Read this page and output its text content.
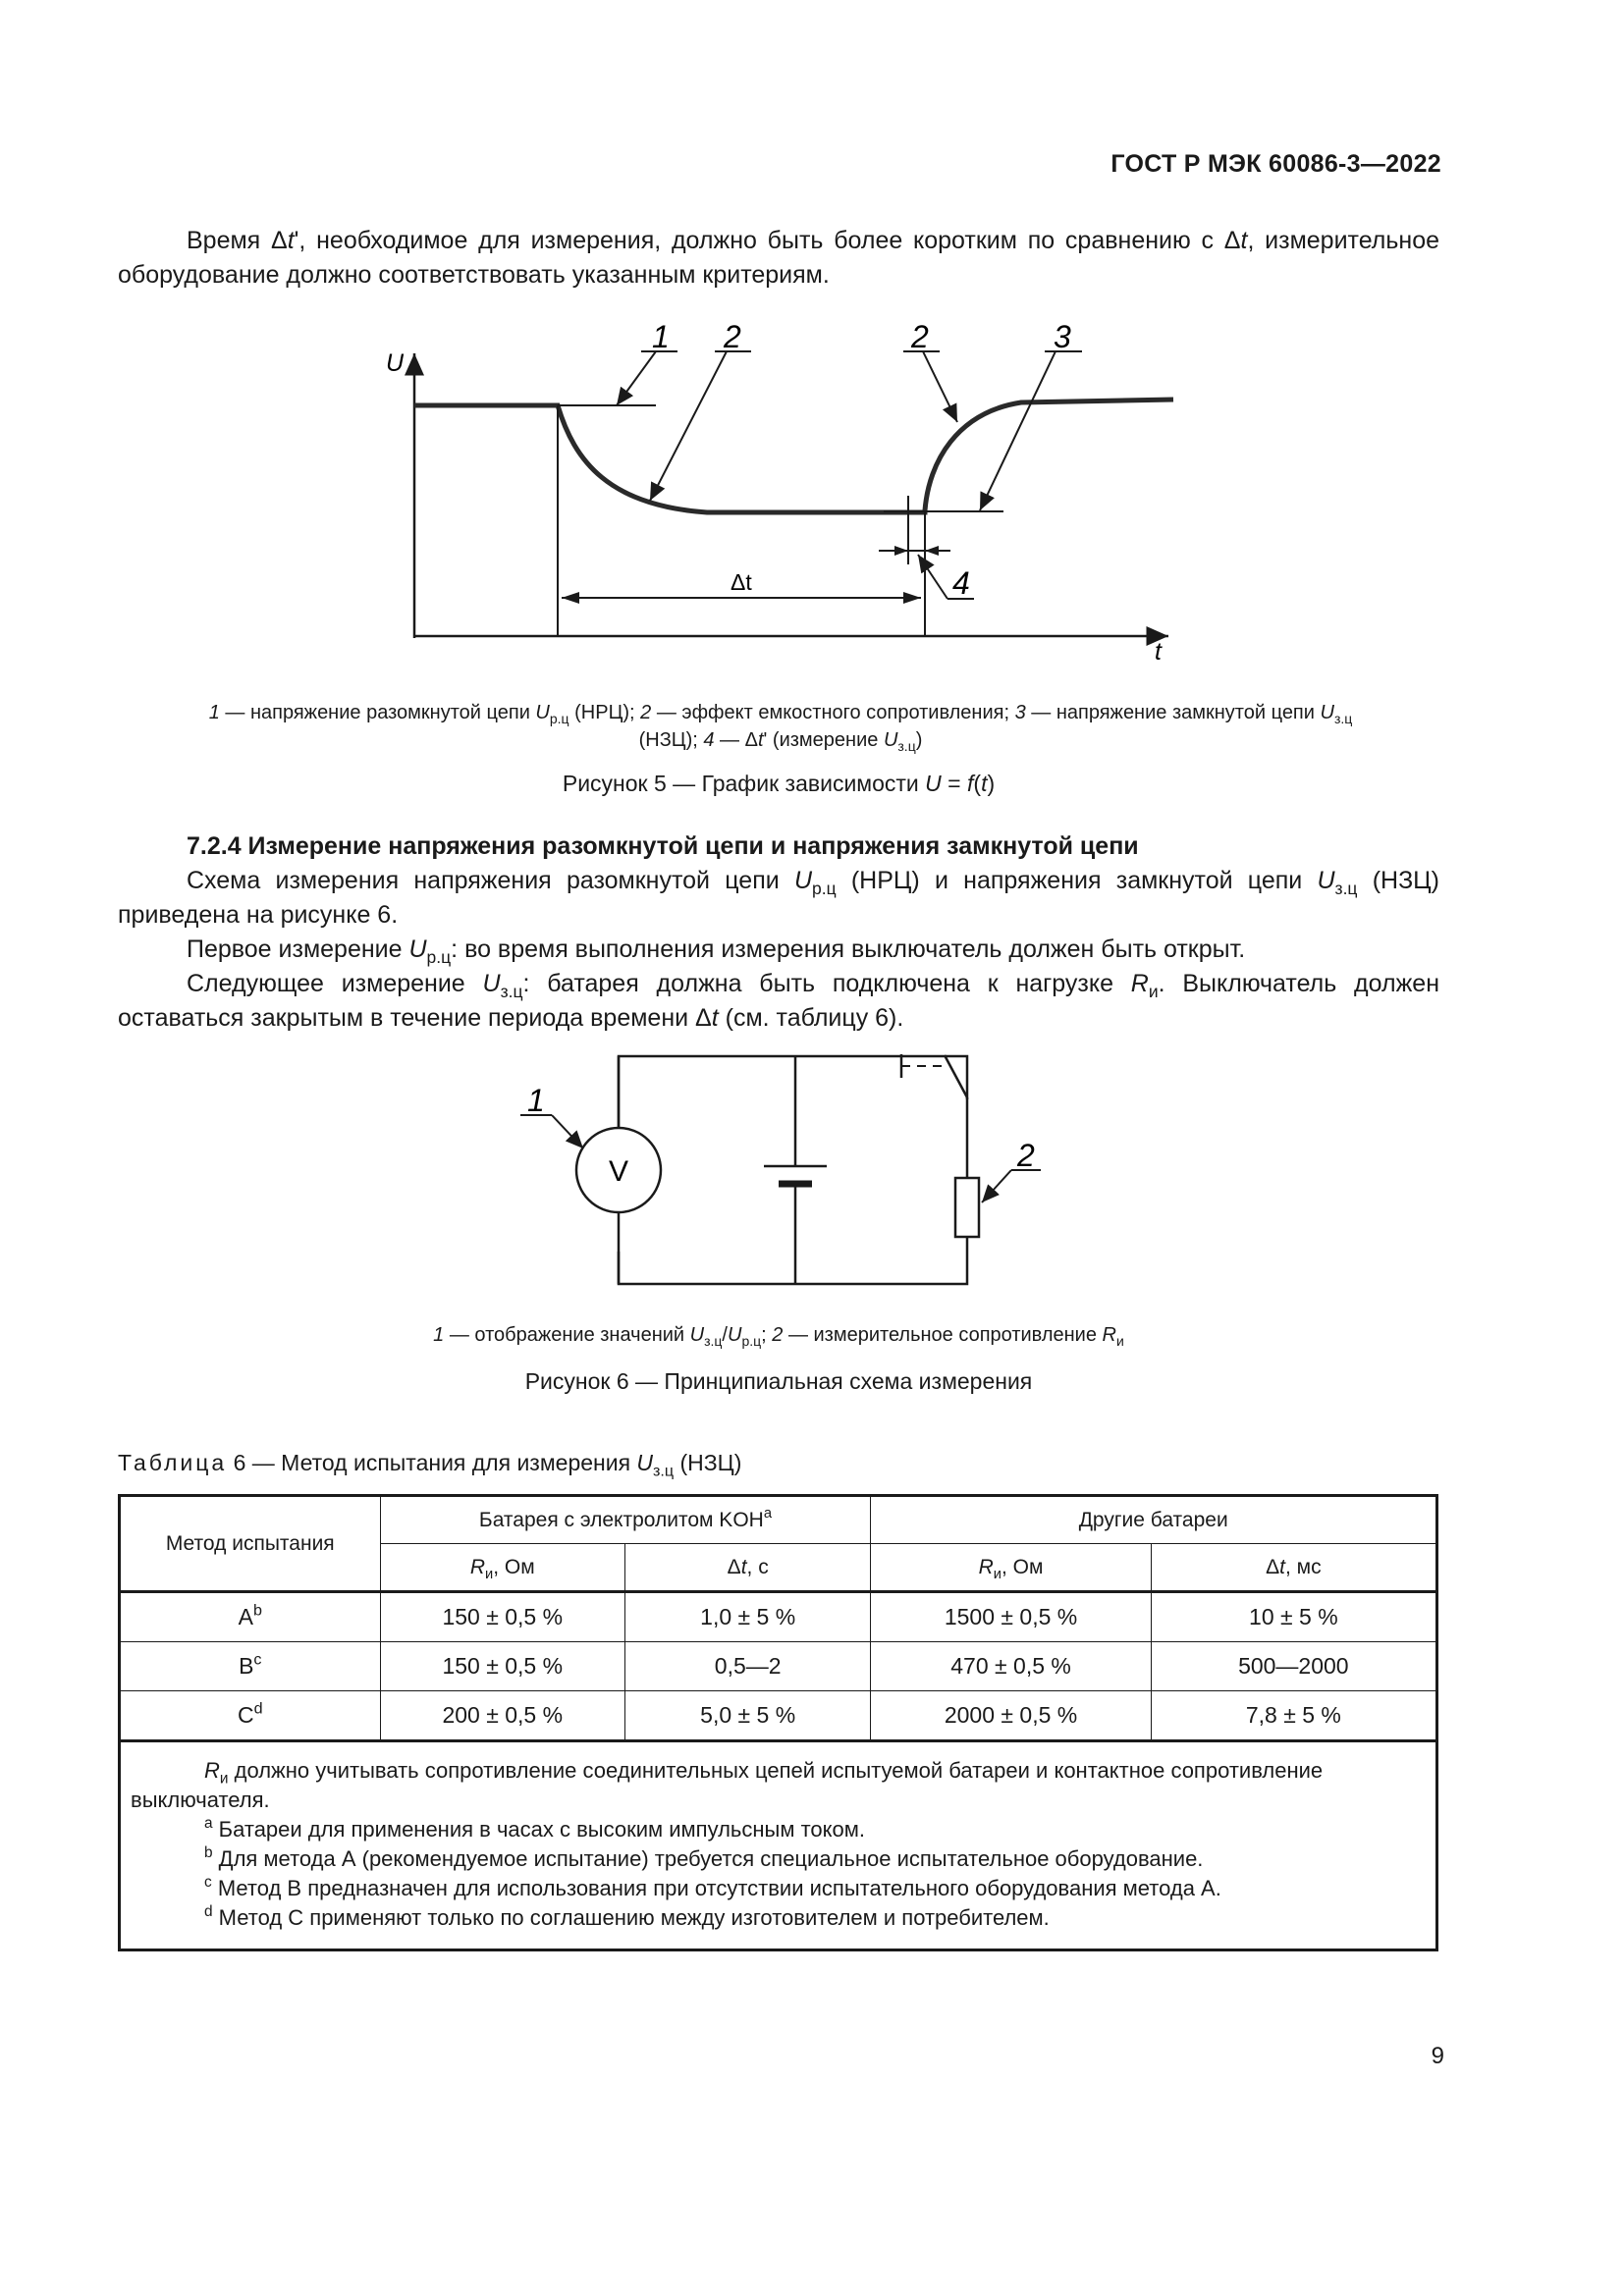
ГОСТ Р МЭК 60086-3—2022
Время Δt', необходимое для измерения, должно быть более коротким по сравнению с Δt, измерительное оборудование должно соответствовать указанным критериям.
U
t
Δt
1 2	2	3
4
1 — напряжение разомкнутой цепи $U_{р.ц}$ (НРЦ); 2 — эффект емкостного сопротивления; 3 — напряжение замкнутой цепи $U_{з.ц}$
(НЗЦ); 4 — Δt' (измерение $U_{з.ц}$)
Рисунок 5 — График зависимости U = f(t)
7.2.4 Измерение напряжения разомкнутой цепи и напряжения замкнутой цепи
Схема измерения напряжения разомкнутой цепи $U_{р.ц}$ (НРЦ) и напряжения замкнутой цепи $U_{з.ц}$ (НЗЦ) приведена на рисунке 6.
Первое измерение $U_{р.ц}$: во время выполнения измерения выключатель должен быть открыт.
Следующее измерение $U_{з.ц}$: батарея должна быть подключена к нагрузке $R_и$. Выключатель должен оставаться закрытым в течение периода времени Δt (см. таблицу 6).
V
1
2
1 — отображение значений $U_{з.ц}/U_{р.ц}$; 2 — измерительное сопротивление $R_и$
Рисунок 6 — Принципиальная схема измерения
Таблица 6 — Метод испытания для измерения $U_{з.ц}$ (НЗЦ)
Метод испытания	Батарея с электролитом KOH$^a$		Другие батареи	
	$R_и$, Ом	Δt, с	$R_и$, Ом	Δt, мс
$A^b$	150 ± 0,5 %	1,0 ± 5 %	1500 ± 0,5 %	10 ± 5 %
$B^c$	150 ± 0,5 %	0,5—2	470 ± 0,5 %	500—2000
$C^d$	200 ± 0,5 %	5,0 ± 5 %	2000 ± 0,5 %	7,8 ± 5 %

$R_и$ должно учитывать сопротивление соединительных цепей испытуемой батареи и контактное сопротивление выключателя.
$^a$ Батареи для применения в часах с высоким импульсным током.
$^b$ Для метода А (рекомендуемое испытание) требуется специальное испытательное оборудование.
$^c$ Метод В предназначен для использования при отсутствии испытательного оборудования метода А.
$^d$ Метод С применяют только по соглашению между изготовителем и потребителем.				
9
